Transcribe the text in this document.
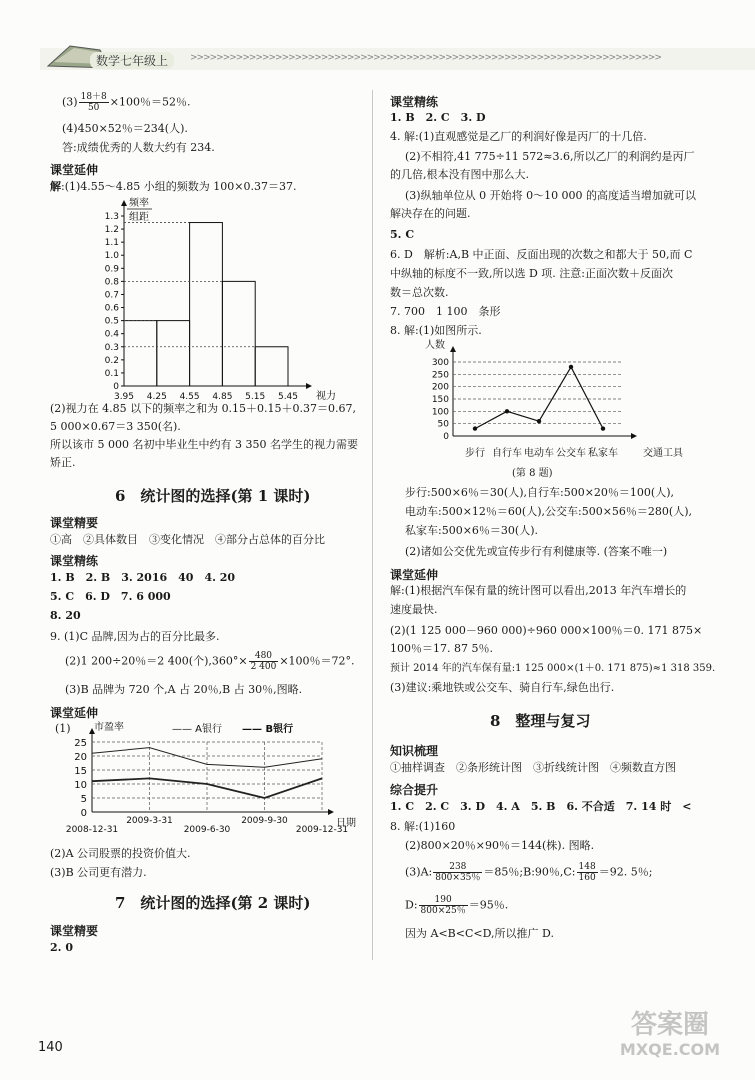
数学七年级上	>>>>>>>>>>>>>>>>>>>>>>>>>>>>>>>>>>>>>>>>>>>>>>>>>>>>>>>>>>>>>>>>>>>>>>>>
$(3) \frac{18+8}{50} \times 100$％＝52％.
(4)450×52％＝234(人).
答:成绩优秀的人数大约有 234.
课堂延伸
解:(1)4.55～4.85 小组的频数为 100×0.37＝37.
0
0.1
0.2
0.3
0.4
0.5
0.6
0.7
0.8
0.9
1.0
1.1
1.2
1.3
3.95 4.25 4.55 4.85 5.15 5.45 视力
频率
组距
(2)视力在 4.85 以下的频率之和为 0.15＋0.15＋0.37＝0.67,
5 000×0.67＝3 350(名).
所以该市 5 000 名初中毕业生中约有 3 350 名学生的视力需要
矫正.
6　统计图的选择(第 1 课时)
课堂精要
①高　②具体数目　③变化情况　④部分占总体的百分比
课堂精练
1. B　2. B　3. 2016　40　4. 20
5. C　6. D　7. 6 000
8. 20
9. (1)C 品牌,因为占的百分比最多.
(2)1 200÷20％＝2 400(个)$,360^\circ\times \frac{480}{2 400} \times 100$％＝72°.
(3)B 品牌为 720 个,A 占 20％,B 占 30％,图略.
课堂延伸
(1)
0
5
10
15
20
25
2008-12-31
2009-3-31
2009-6-30
2009-9-30
2009-12-31
日期
市盈率	—— A银行 —— B银行
(2)A 公司股票的投资价值大.
(3)B 公司更有潜力.
7　统计图的选择(第 2 课时)
课堂精要
2. 0
140
课堂精练
1. B　2. C　3. D
4. 解:(1)直观感觉是乙厂的利润好像是丙厂的十几倍.
(2)不相符,41 775÷11 572≈3.6,所以乙厂的利润约是丙厂
的几倍,根本没有图中那么大.
(3)纵轴单位从 0 开始将 0～10 000 的高度适当增加就可以
解决存在的问题.
5. C
6. D　解析:A,B 中正面、反面出现的次数之和都大于 50,而 C
中纵轴的标度不一致,所以选 D 项. 注意:正面次数＋反面次
数＝总次数.
7. 700　1 100　条形
8. 解:(1)如图所示.
0
50
100
150
200
250
300
步行 自行车 电动车 公交车 私家车	交通工具
人数
(第 8 题)
步行:500×6％＝30(人),自行车:500×20％＝100(人),
电动车:500×12％＝60(人),公交车:500×56％＝280(人),
私家车:500×6％＝30(人).
(2)诸如公交优先或宣传步行有利健康等. (答案不唯一)
课堂延伸
解:(1)根据汽车保有量的统计图可以看出,2013 年汽车增长的
速度最快.
(2)(1 125 000－960 000)÷960 000×100％＝0. 171 875×
100％＝17. 87 5％.
预计 2014 年的汽车保有量:1 125 000×(1＋0. 171 875)≈1 318 359.
(3)建议:乘地铁或公交车、骑自行车,绿色出行.
8　整理与复习
知识梳理
①抽样调查　②条形统计图　③折线统计图　④频数直方图
综合提升
1. C　2. C　3. D　4. A　5. B　6. 不合适　7. 14 时　<
8. 解:(1)160
(2)800×20％×90％＝144(株). 图略.
(3)A: $\frac{238}{800\times 35\%} =85$％;B:90％,C: $\frac{148}{160} =92$. 5％;
D: $\frac{190}{800\times 25\%} =95$％.
因为 A<B<C<D,所以推广 D.
答案圈
MXQE.COM
